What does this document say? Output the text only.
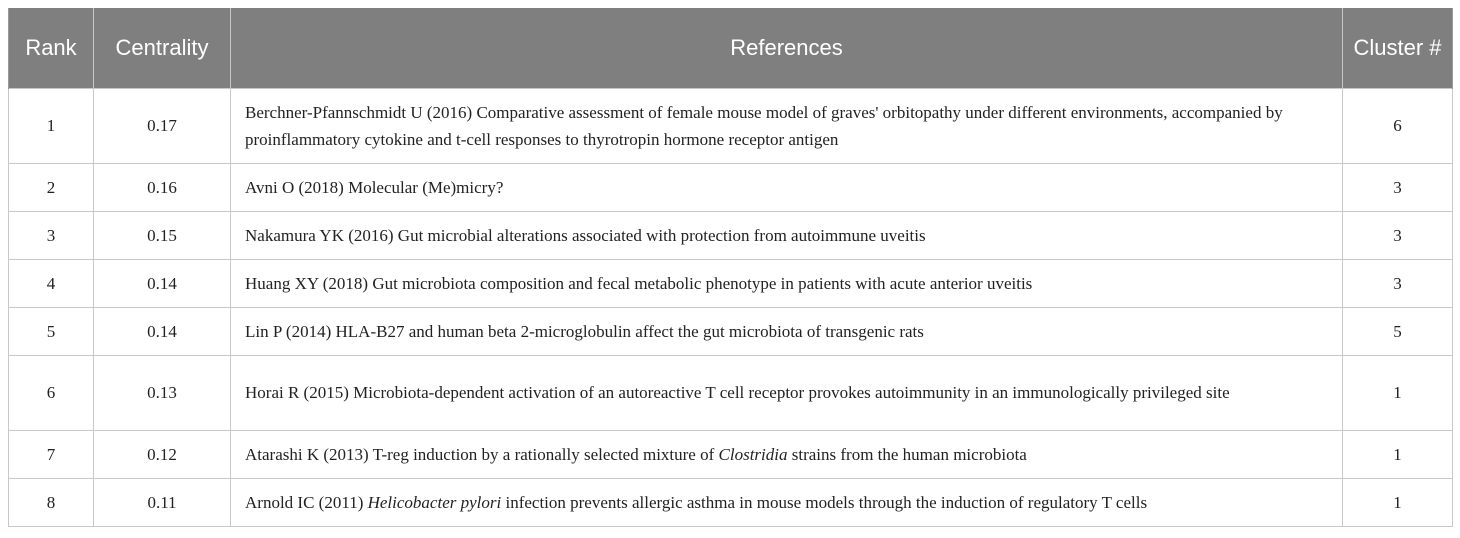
Rank	Centrality	References	Cluster #
1	0.17	Berchner-Pfannschmidt U (2016) Comparative assessment of female mouse model of graves' orbitopathy under different environments, accompanied by proinflammatory cytokine and t-cell responses to thyrotropin hormone receptor antigen	6
2	0.16	Avni O (2018) Molecular (Me)micry?	3
3	0.15	Nakamura YK (2016) Gut microbial alterations associated with protection from autoimmune uveitis	3
4	0.14	Huang XY (2018) Gut microbiota composition and fecal metabolic phenotype in patients with acute anterior uveitis	3
5	0.14	Lin P (2014) HLA-B27 and human beta 2-microglobulin affect the gut microbiota of transgenic rats	5
6	0.13	Horai R (2015) Microbiota-dependent activation of an autoreactive T cell receptor provokes autoimmunity in an immunologically privileged site	1
7	0.12	Atarashi K (2013) T-reg induction by a rationally selected mixture of Clostridia strains from the human microbiota	1
8	0.11	Arnold IC (2011) Helicobacter pylori infection prevents allergic asthma in mouse models through the induction of regulatory T cells	1
